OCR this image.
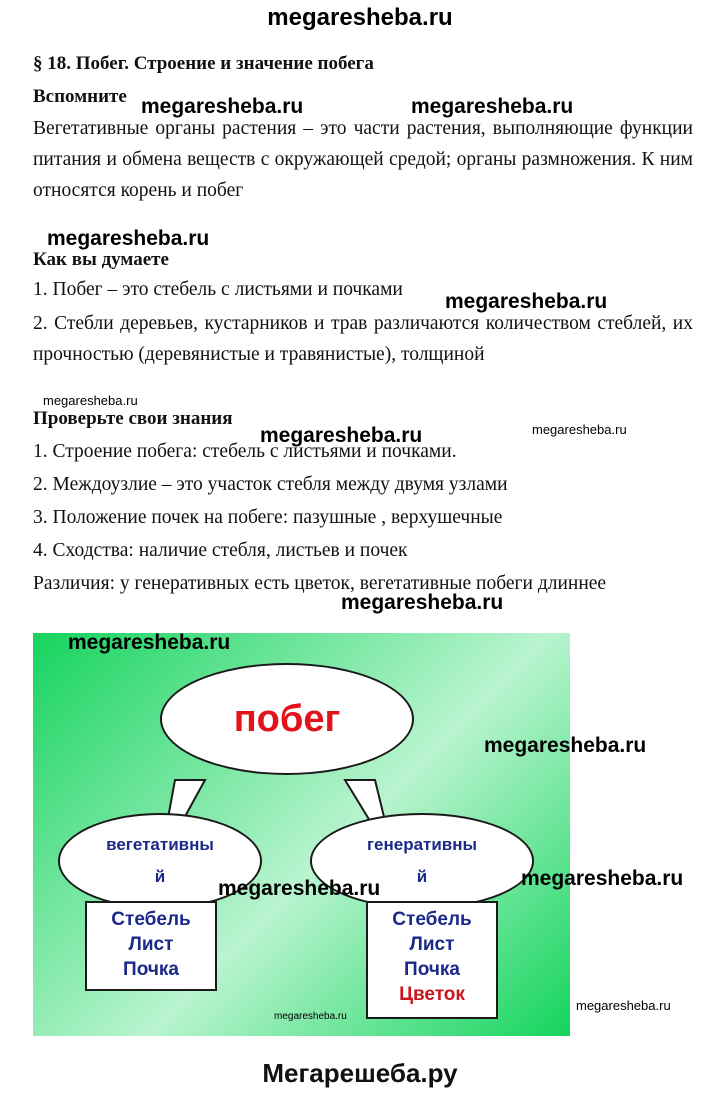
megaresheba.ru
§ 18. Побег. Строение и значение побега
Вспомните
Вегетативные органы растения – это части растения, выполняющие функции питания и обмена веществ с окружающей средой; органы размножения. К ним относятся корень и побег
Как вы думаете
1. Побег – это стебель с листьями и почками
2. Стебли деревьев, кустарников и трав различаются количеством стеблей, их прочностью (деревянистые и травянистые), толщиной
Проверьте свои знания
1. Строение побега: стебель с листьями и почками.
2. Междоузлие – это участок стебля между двумя узлами
3. Положение почек на побеге: пазушные , верхушечные
4. Сходства: наличие стебля, листьев и почек
Различия: у генеративных есть цветок, вегетативные побеги длиннее
побег
вегетативны
й
генеративны
й
Стебель
Лист
Почка
Стебель
Лист
Почка
Цветок
megaresheba.ru	megaresheba.ru
megaresheba.ru
megaresheba.ru
megaresheba.ru
megaresheba.ru	megaresheba.ru
megaresheba.ru
megaresheba.ru
megaresheba.ru
megaresheba.ru	megaresheba.ru
megaresheba.ru
megaresheba.ru
Мегарешеба.ру
